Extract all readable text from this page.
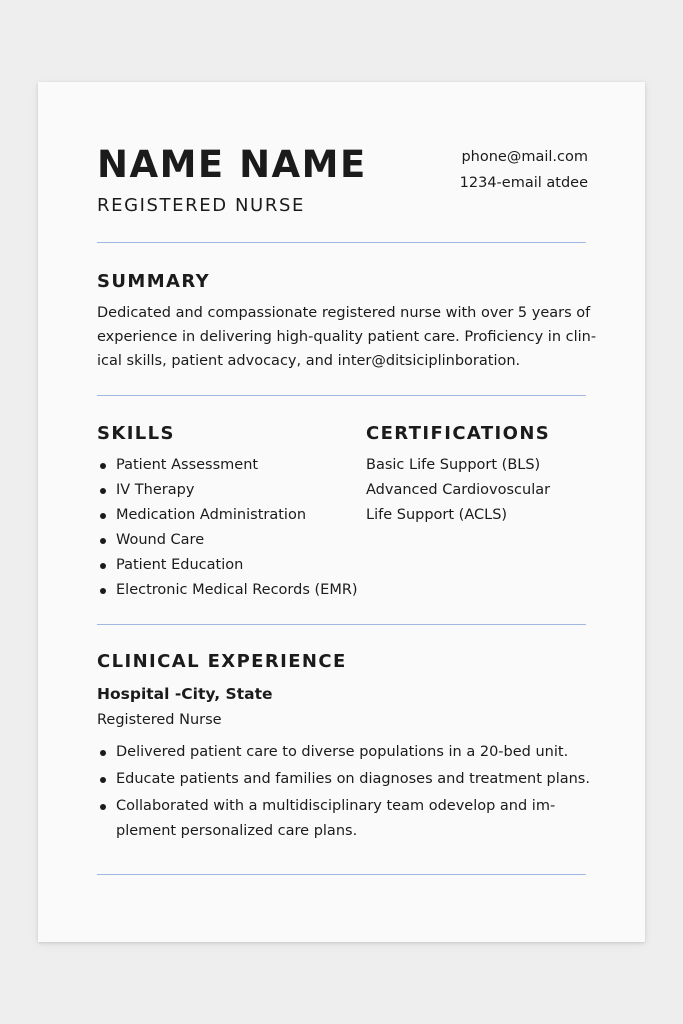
NAME NAME
REGISTERED NURSE
phone@mail.com
1234-email atdee
SUMMARY

Dedicated and compassionate registered nurse with over 5 years of

experience in delivering high-quality patient care. Proficiency in clin-

ical skills, patient advocacy, and inter@ditsiciplinboration.

SKILLS
Patient Assessment
IV Therapy
Medication Administration
Wound Care
Patient Education
Electronic Medical Records (EMR)
CERTIFICATIONS

Basic Life Support (BLS)

Advanced Cardiovoscular

Life Support (ACLS)

CLINICAL EXPERIENCE
Hospital -City, State
Registered Nurse

Delivered patient care to diverse populations in a 20-bed unit.

Educate patients and families on diagnoses and treatment plans.

Collaborated with a multidisciplinary team odevelop and im-

plement personalized care plans.
